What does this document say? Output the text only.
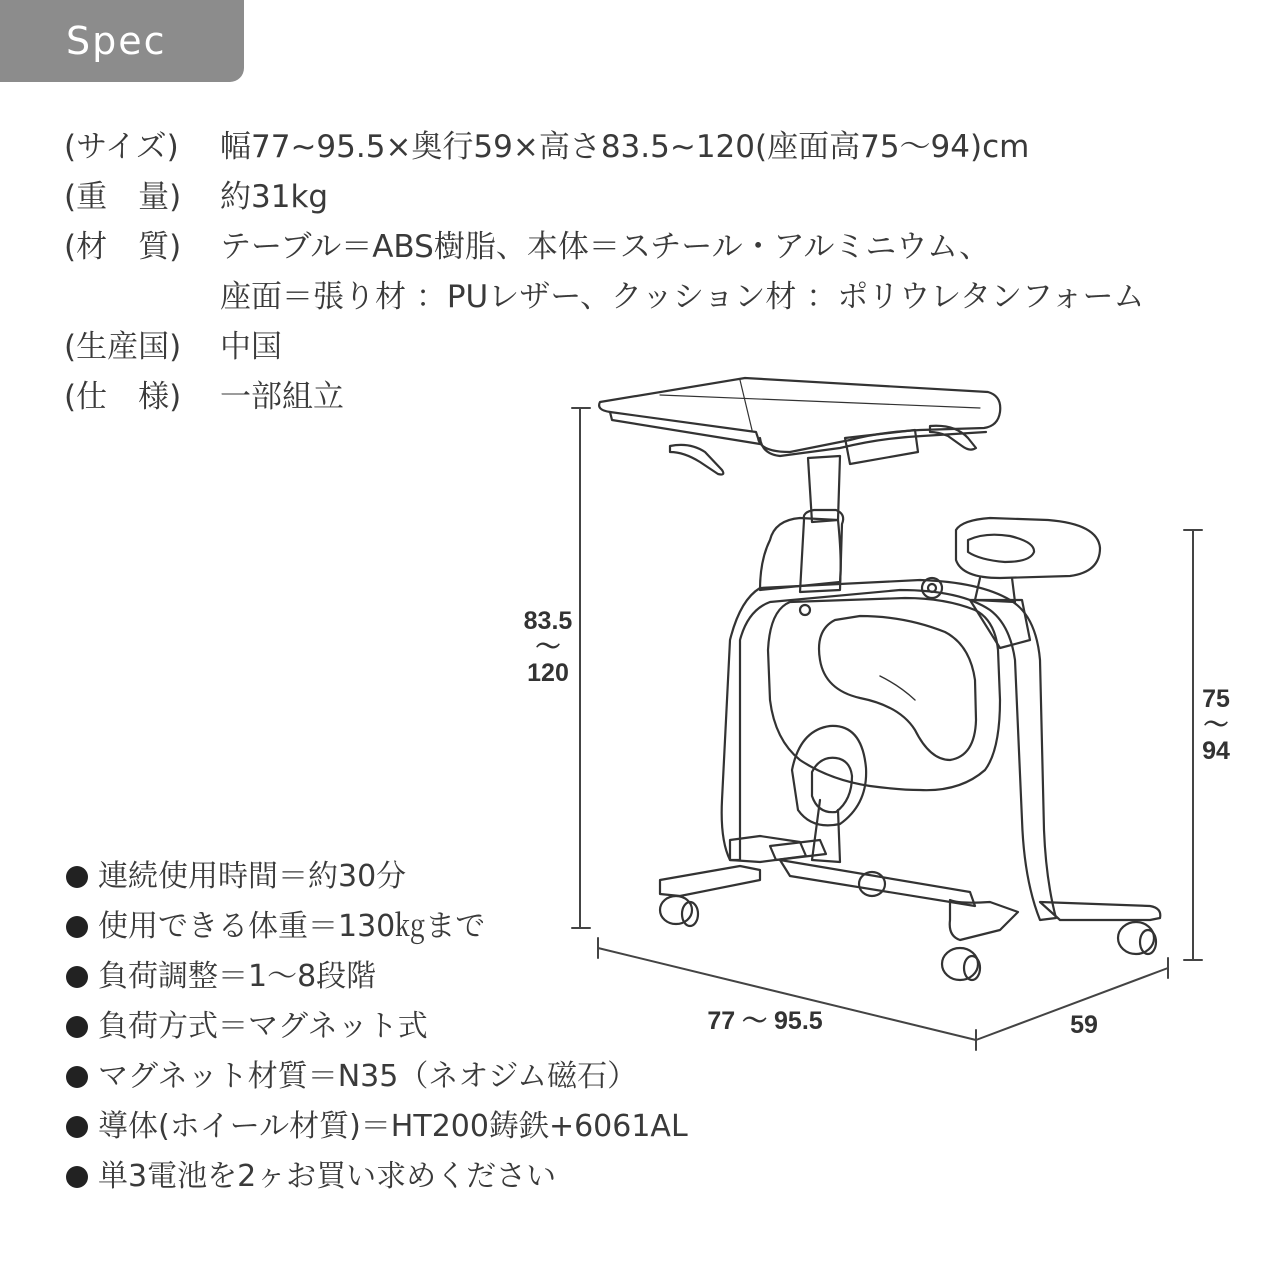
Spec
(サイズ)	幅77~95.5×奥行59×高さ83.5~120(座面高75～94)cm
(重　量)	約31kg
(材　質)	テーブル＝ABS樹脂、本体＝スチール・アルミニウム、
座面＝張り材 ：PUレザー、クッション材 ：ポリウレタンフォーム
(生産国)	中国
(仕　様)	一部組立
83.5
〜
120
75
〜
94
77 〜 95.5	59
連続使用時間＝約30分
使用できる体重＝130㎏まで
負荷調整＝1～8段階
負荷方式＝マグネット式
マグネット材質＝N35（ネオジム磁石）
導体(ホイール材質)＝HT200鋳鉄+6061AL
単3電池を2ヶお買い求めください
